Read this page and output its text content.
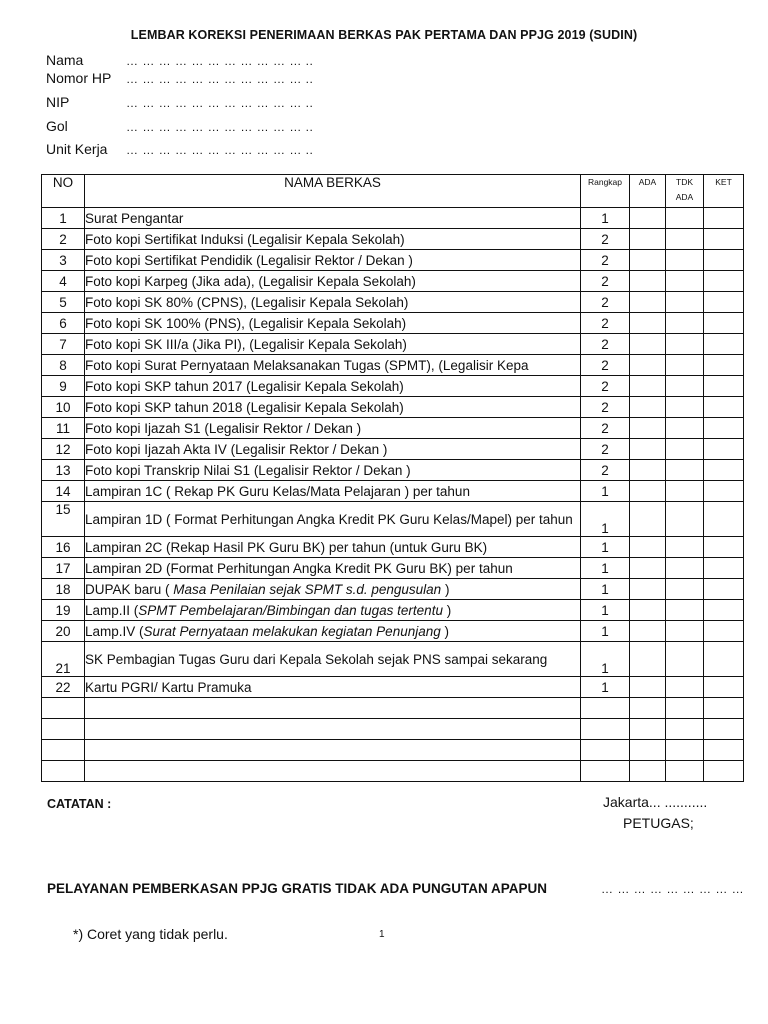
LEMBAR KOREKSI PENERIMAAN BERKAS PAK PERTAMA DAN PPJG 2019 (SUDIN)
Nama	… … … … … … … … … … … ..
Nomor HP … … … … … … … … … … … ..
NIP	… … … … … … … … … … … ..
Gol	… … … … … … … … … … … ..
Unit Kerja … … … … … … … … … … … ..
NO	NAMA BERKAS	Rangkap	ADA	TDK ADA	KET
1	Surat Pengantar	1			
2	Foto kopi Sertifikat Induksi (Legalisir Kepala Sekolah)	2			
3	Foto kopi Sertifikat Pendidik (Legalisir Rektor / Dekan )	2			
4	Foto kopi Karpeg (Jika ada), (Legalisir Kepala Sekolah)	2			
5	Foto kopi SK 80% (CPNS), (Legalisir Kepala Sekolah)	2			
6	Foto kopi SK 100% (PNS), (Legalisir Kepala Sekolah)	2			
7	Foto kopi SK III/a (Jika PI), (Legalisir Kepala Sekolah)	2			
8	Foto kopi Surat Pernyataan Melaksanakan Tugas (SPMT), (Legalisir Kepa	2			
9	Foto kopi SKP tahun 2017 (Legalisir Kepala Sekolah)	2			
10	Foto kopi SKP tahun 2018 (Legalisir Kepala Sekolah)	2			
11	Foto kopi Ijazah S1 (Legalisir Rektor / Dekan )	2			
12	Foto kopi Ijazah Akta IV (Legalisir Rektor / Dekan )	2			
13	Foto kopi Transkrip Nilai S1 (Legalisir Rektor / Dekan )	2			
14	Lampiran 1C ( Rekap PK Guru Kelas/Mata Pelajaran ) per tahun	1			
15	Lampiran 1D ( Format Perhitungan Angka Kredit PK Guru Kelas/Mapel) per tahun	1			
16	Lampiran 2C (Rekap Hasil PK Guru BK) per tahun (untuk Guru BK)	1			
17	Lampiran 2D (Format Perhitungan Angka Kredit PK Guru BK) per tahun	1			
18	DUPAK baru ( Masa Penilaian sejak SPMT s.d. pengusulan )	1			
19	Lamp.II (SPMT Pembelajaran/Bimbingan dan tugas tertentu )	1			
20	Lamp.IV (Surat Pernyataan melakukan kegiatan Penunjang )	1			
21	SK Pembagian Tugas Guru dari Kepala Sekolah sejak PNS sampai sekarang	1			
22	Kartu PGRI/ Kartu Pramuka	1			

CATATAN :	Jakarta... ...........
PETUGAS;
PELAYANAN PEMBERKASAN PPJG GRATIS TIDAK ADA PUNGUTAN APAPUN	… … … … … … … … …
*) Coret yang tidak perlu.	1
